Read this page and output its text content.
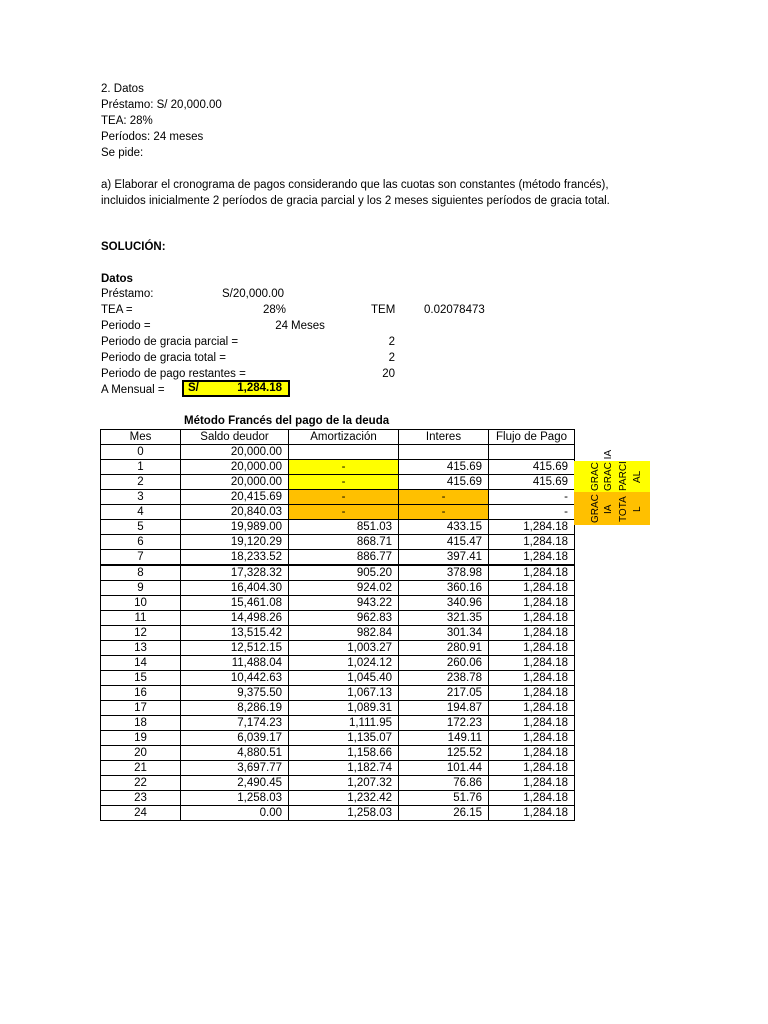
2. Datos
Préstamo: S/ 20,000.00
TEA: 28%
Períodos: 24 meses
Se pide:
a) Elaborar el cronograma de pagos considerando que las cuotas son constantes (método francés),
incluidos inicialmente 2 períodos de gracia parcial y los 2 meses siguientes períodos de gracia total.
SOLUCIÓN:
Datos
Préstamo:	S/20,000.00
TEA =	28%	TEM 0.02078473
Periodo =	24 Meses
Periodo de gracia parcial =	2
Periodo de gracia total =	2
Periodo de pago restantes =	20
A Mensual = S/	1,284.18
Método Francés del pago de la deuda
Mes	Saldo deudor	Amortización	Interes	Flujo de Pago
0	20,000.00			
1	20,000.00	-	415.69	415.69
2	20,000.00	-	415.69	415.69
3	20,415.69	-	-	-
4	20,840.03	-	-	-
5	19,989.00	851.03	433.15	1,284.18
6	19,120.29	868.71	415.47	1,284.18
7	18,233.52	886.77	397.41	1,284.18
8	17,328.32	905.20	378.98	1,284.18
9	16,404.30	924.02	360.16	1,284.18
10	15,461.08	943.22	340.96	1,284.18
11	14,498.26	962.83	321.35	1,284.18
12	13,515.42	982.84	301.34	1,284.18
13	12,512.15	1,003.27	280.91	1,284.18
14	11,488.04	1,024.12	260.06	1,284.18
15	10,442.63	1,045.40	238.78	1,284.18
16	9,375.50	1,067.13	217.05	1,284.18
17	8,286.19	1,089.31	194.87	1,284.18
18	7,174.23	1,111.95	172.23	1,284.18
19	6,039.17	1,135.07	149.11	1,284.18
20	4,880.51	1,158.66	125.52	1,284.18
21	3,697.77	1,182.74	101.44	1,284.18
22	2,490.45	1,207.32	76.86	1,284.18
23	1,258.03	1,232.42	51.76	1,284.18
24	0.00	1,258.03	26.15	1,284.18
GRAC GRAC IA PARCI AL
GRAC IA TOTA L
